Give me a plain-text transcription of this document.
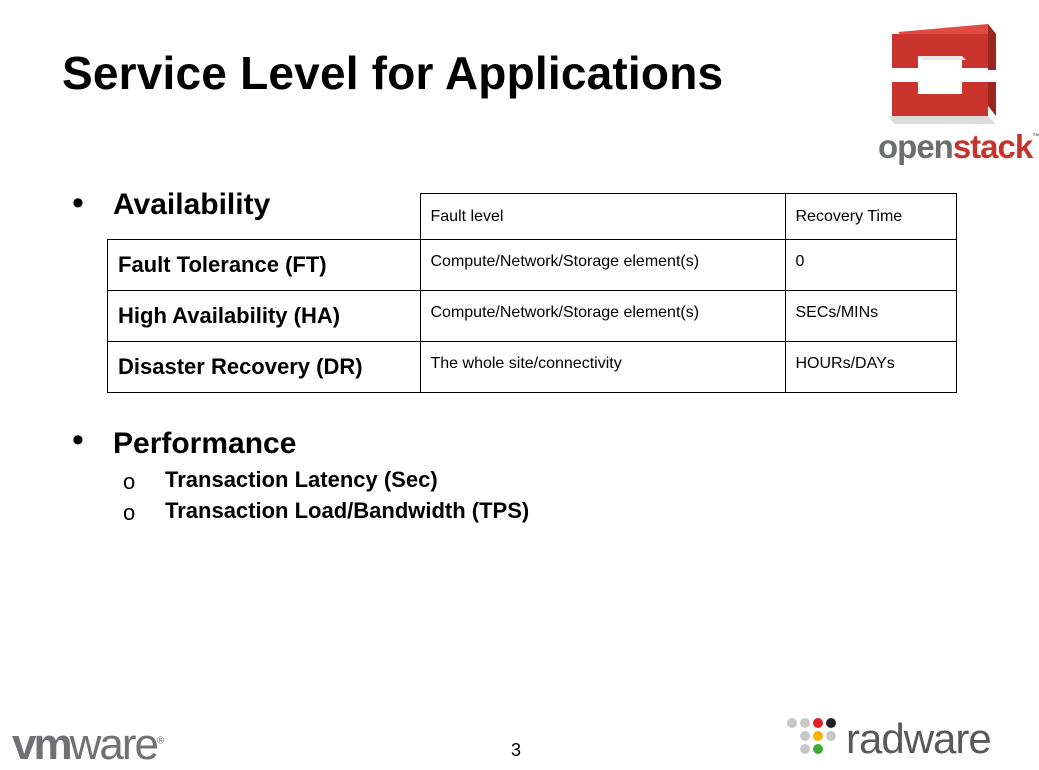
Service Level for Applications
openstack™
• Availability
		Fault level	Recovery Time
Fault Tolerance (FT)	Compute/Network/Storage element(s)	0
High Availability (HA)	Compute/Network/Storage element(s)	SECs/MINs
Disaster Recovery (DR)	The whole site/connectivity	HOURs/DAYs
• Performance
o Transaction Latency (Sec)
o Transaction Load/Bandwidth (TPS)
vmware®	3	radware
